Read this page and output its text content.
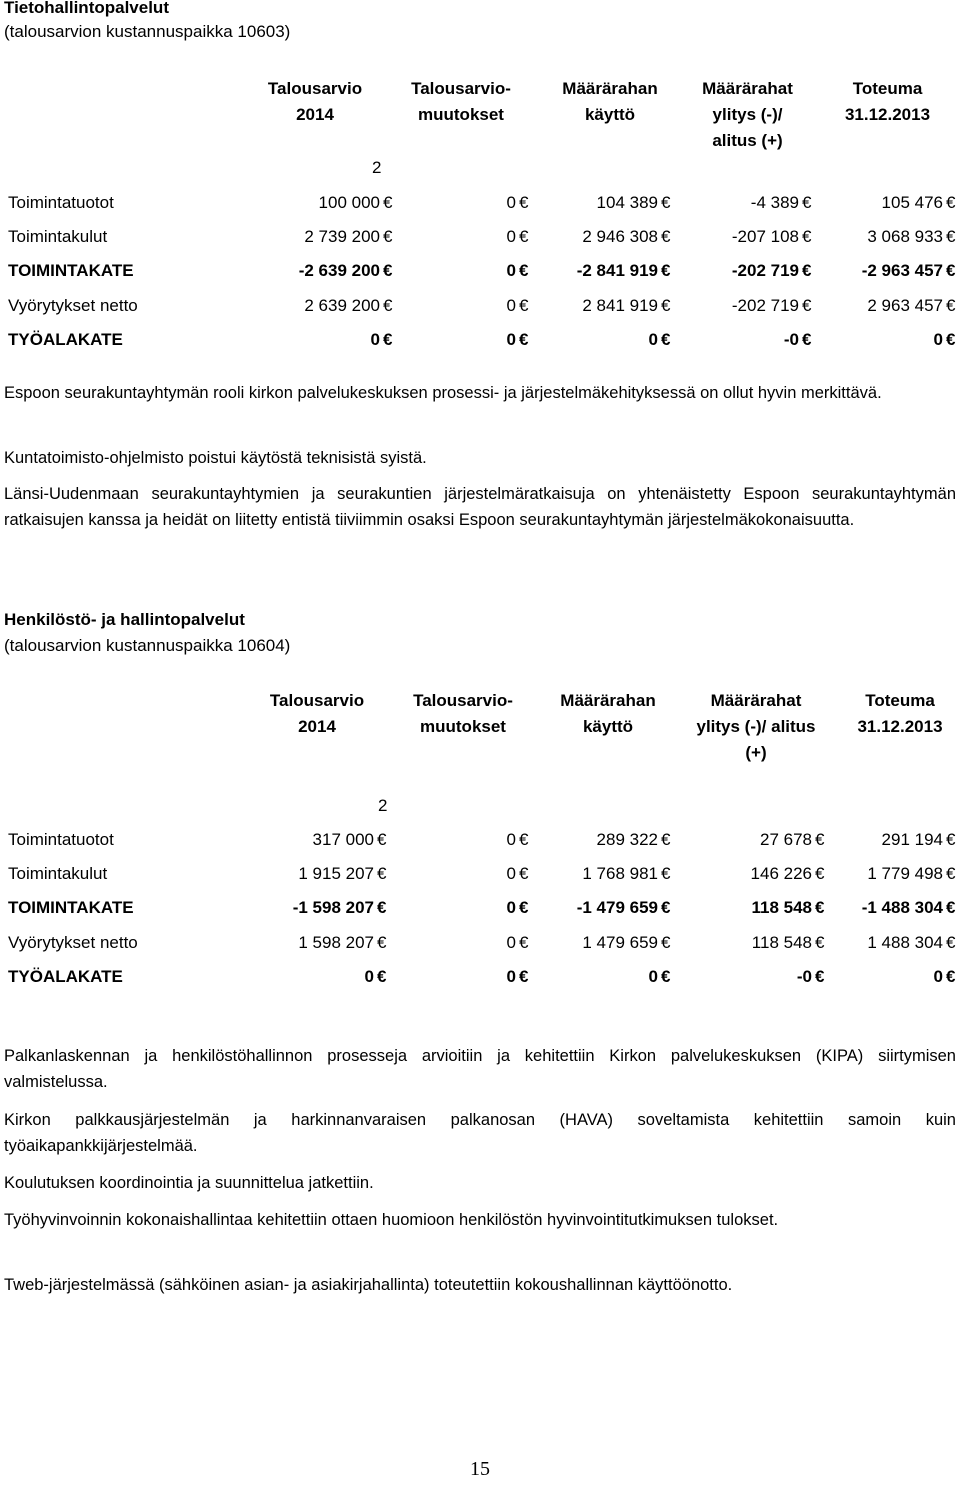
Tietohallintopalvelut
(talousarvion kustannuspaikka 10603)
Talousarvio
2014
Talousarvio-
muutokset
Määrärahan
käyttö
Määrärahat
ylitys (-)/
alitus (+)
Toteuma
31.12.2013
2
Toimintatuotot	100 000 €	0 €	104 389 €	-4 389 €	105 476 €
Toimintakulut	2 739 200 €	0 €	2 946 308 €	-207 108 €	3 068 933 €
TOIMINTAKATE	-2 639 200 €	0 €	-2 841 919 €	-202 719 €	-2 963 457 €
Vyörytykset netto	2 639 200 €	0 €	2 841 919 €	-202 719 €	2 963 457 €
TYÖALAKATE	0 €	0 €	0 €	-0 €	0 €
Espoon seurakuntayhtymän rooli kirkon palvelukeskuksen prosessi- ja järjestelmäkehityksessä on ollut hyvin merkittävä.
Kuntatoimisto-ohjelmisto poistui käytöstä teknisistä syistä.
Länsi-Uudenmaan seurakuntayhtymien ja seurakuntien järjestelmäratkaisuja on yhtenäistetty Espoon seurakuntayhtymän ratkaisujen kanssa ja heidät on liitetty entistä tiiviimmin osaksi Espoon seurakuntayhtymän järjestelmäkokonaisuutta.
Henkilöstö- ja hallintopalvelut
(talousarvion kustannuspaikka 10604)
Talousarvio
2014
Talousarvio-
muutokset
Määrärahan
käyttö
Määrärahat
ylitys (-)/ alitus
(+)
Toteuma
31.12.2013
2
Toimintatuotot	317 000 €	0 €	289 322 €	27 678 €	291 194 €
Toimintakulut	1 915 207 €	0 €	1 768 981 €	146 226 €	1 779 498 €
TOIMINTAKATE	-1 598 207 €	0 €	-1 479 659 €	118 548 € -1 488 304 €
Vyörytykset netto	1 598 207 €	0 €	1 479 659 €	118 548 €	1 488 304 €
TYÖALAKATE	0 €	0 €	0 €	-0 €	0 €
Palkanlaskennan ja henkilöstöhallinnon prosesseja arvioitiin ja kehitettiin Kirkon palvelukeskuksen (KIPA) siirtymisen valmistelussa.
Kirkon palkkausjärjestelmän ja harkinnanvaraisen palkanosan (HAVA) soveltamista kehitettiin samoin kuin työaikapankkijärjestelmää.
Koulutuksen koordinointia ja suunnittelua jatkettiin.
Työhyvinvoinnin kokonaishallintaa kehitettiin ottaen huomioon henkilöstön hyvinvointitutkimuksen tulokset.
Tweb-järjestelmässä (sähköinen asian- ja asiakirjahallinta) toteutettiin kokoushallinnan käyttöönotto.
15
